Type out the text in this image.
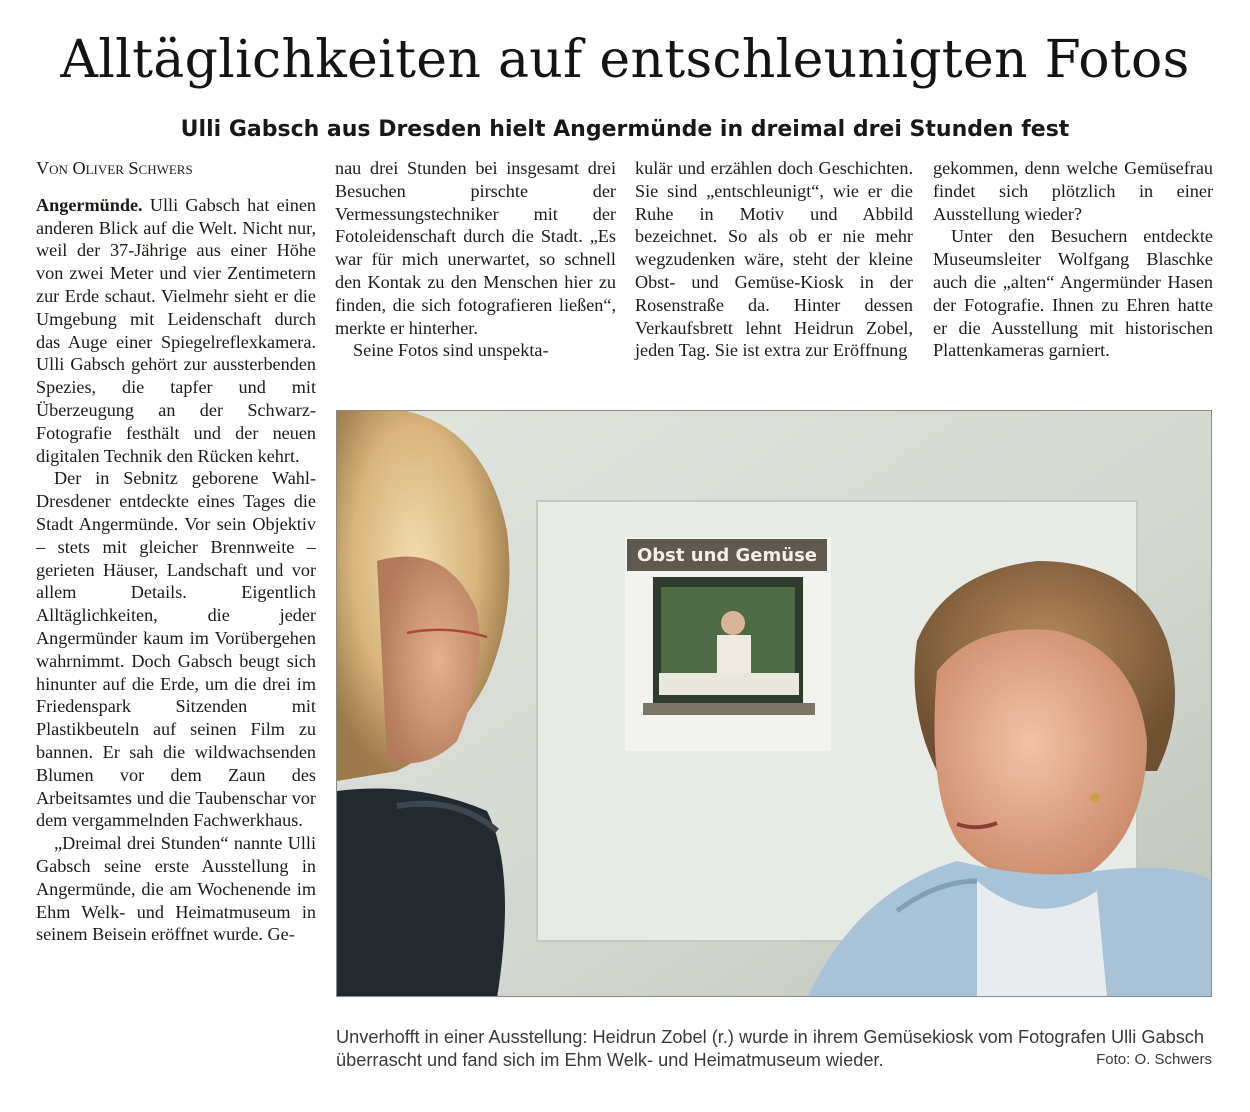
Alltäglichkeiten auf entschleunigten Fotos
Ulli Gabsch aus Dresden hielt Angermünde in dreimal drei Stunden fest

Von Oliver Schwers

Angermünde. Ulli Gabsch hat einen anderen Blick auf die Welt. Nicht nur, weil der 37-Jährige aus einer Höhe von zwei Meter und vier Zentimetern zur Erde schaut. Vielmehr sieht er die Umgebung mit Leidenschaft durch das Auge einer Spiegelreflexkamera. Ulli Gabsch gehört zur aussterbenden Spezies, die tapfer und mit Überzeugung an der Schwarz-Fotografie festhält und der neuen digitalen Technik den Rücken kehrt.

Der in Sebnitz geborene Wahl-Dresdener entdeckte eines Tages die Stadt Angermünde. Vor sein Objektiv – stets mit gleicher Brennweite – gerieten Häuser, Landschaft und vor allem Details. Eigentlich Alltäglichkeiten, die jeder Angermünder kaum im Vorübergehen wahrnimmt. Doch Gabsch beugt sich hinunter auf die Erde, um die drei im Friedenspark Sitzenden mit Plastikbeuteln auf seinen Film zu bannen. Er sah die wildwachsenden Blumen vor dem Zaun des Arbeitsamtes und die Taubenschar vor dem vergammelnden Fachwerkhaus.

„Dreimal drei Stunden“ nannte Ulli Gabsch seine erste Ausstellung in Angermünde, die am Wochenende im Ehm Welk- und Heimatmuseum in seinem Beisein eröffnet wurde. Ge-

nau drei Stunden bei insgesamt drei Besuchen pirschte der Vermessungstechniker mit der Fotoleidenschaft durch die Stadt. „Es war für mich unerwartet, so schnell den Kontak zu den Menschen hier zu finden, die sich fotografieren ließen“, merkte er hinterher.

Seine Fotos sind unspekta-

kulär und erzählen doch Geschichten. Sie sind „entschleunigt“, wie er die Ruhe in Motiv und Abbild bezeichnet. So als ob er nie mehr wegzudenken wäre, steht der kleine Obst- und Gemüse-Kiosk in der Rosenstraße da. Hinter dessen Verkaufsbrett lehnt Heidrun Zobel, jeden Tag. Sie ist extra zur Eröffnung

gekommen, denn welche Gemüsefrau findet sich plötzlich in einer Ausstellung wieder?

Unter den Besuchern entdeckte Museumsleiter Wolfgang Blaschke auch die „alten“ Angermünder Hasen der Fotografie. Ihnen zu Ehren hatte er die Ausstellung mit historischen Plattenkameras garniert.

Obst und Gemüse
Unverhofft in einer Ausstellung: Heidrun Zobel (r.) wurde in ihrem Gemüsekiosk vom Fotografen Ulli Gabsch überrascht und fand sich im Ehm Welk- und Heimatmuseum wieder.	Foto: O. Schwers
